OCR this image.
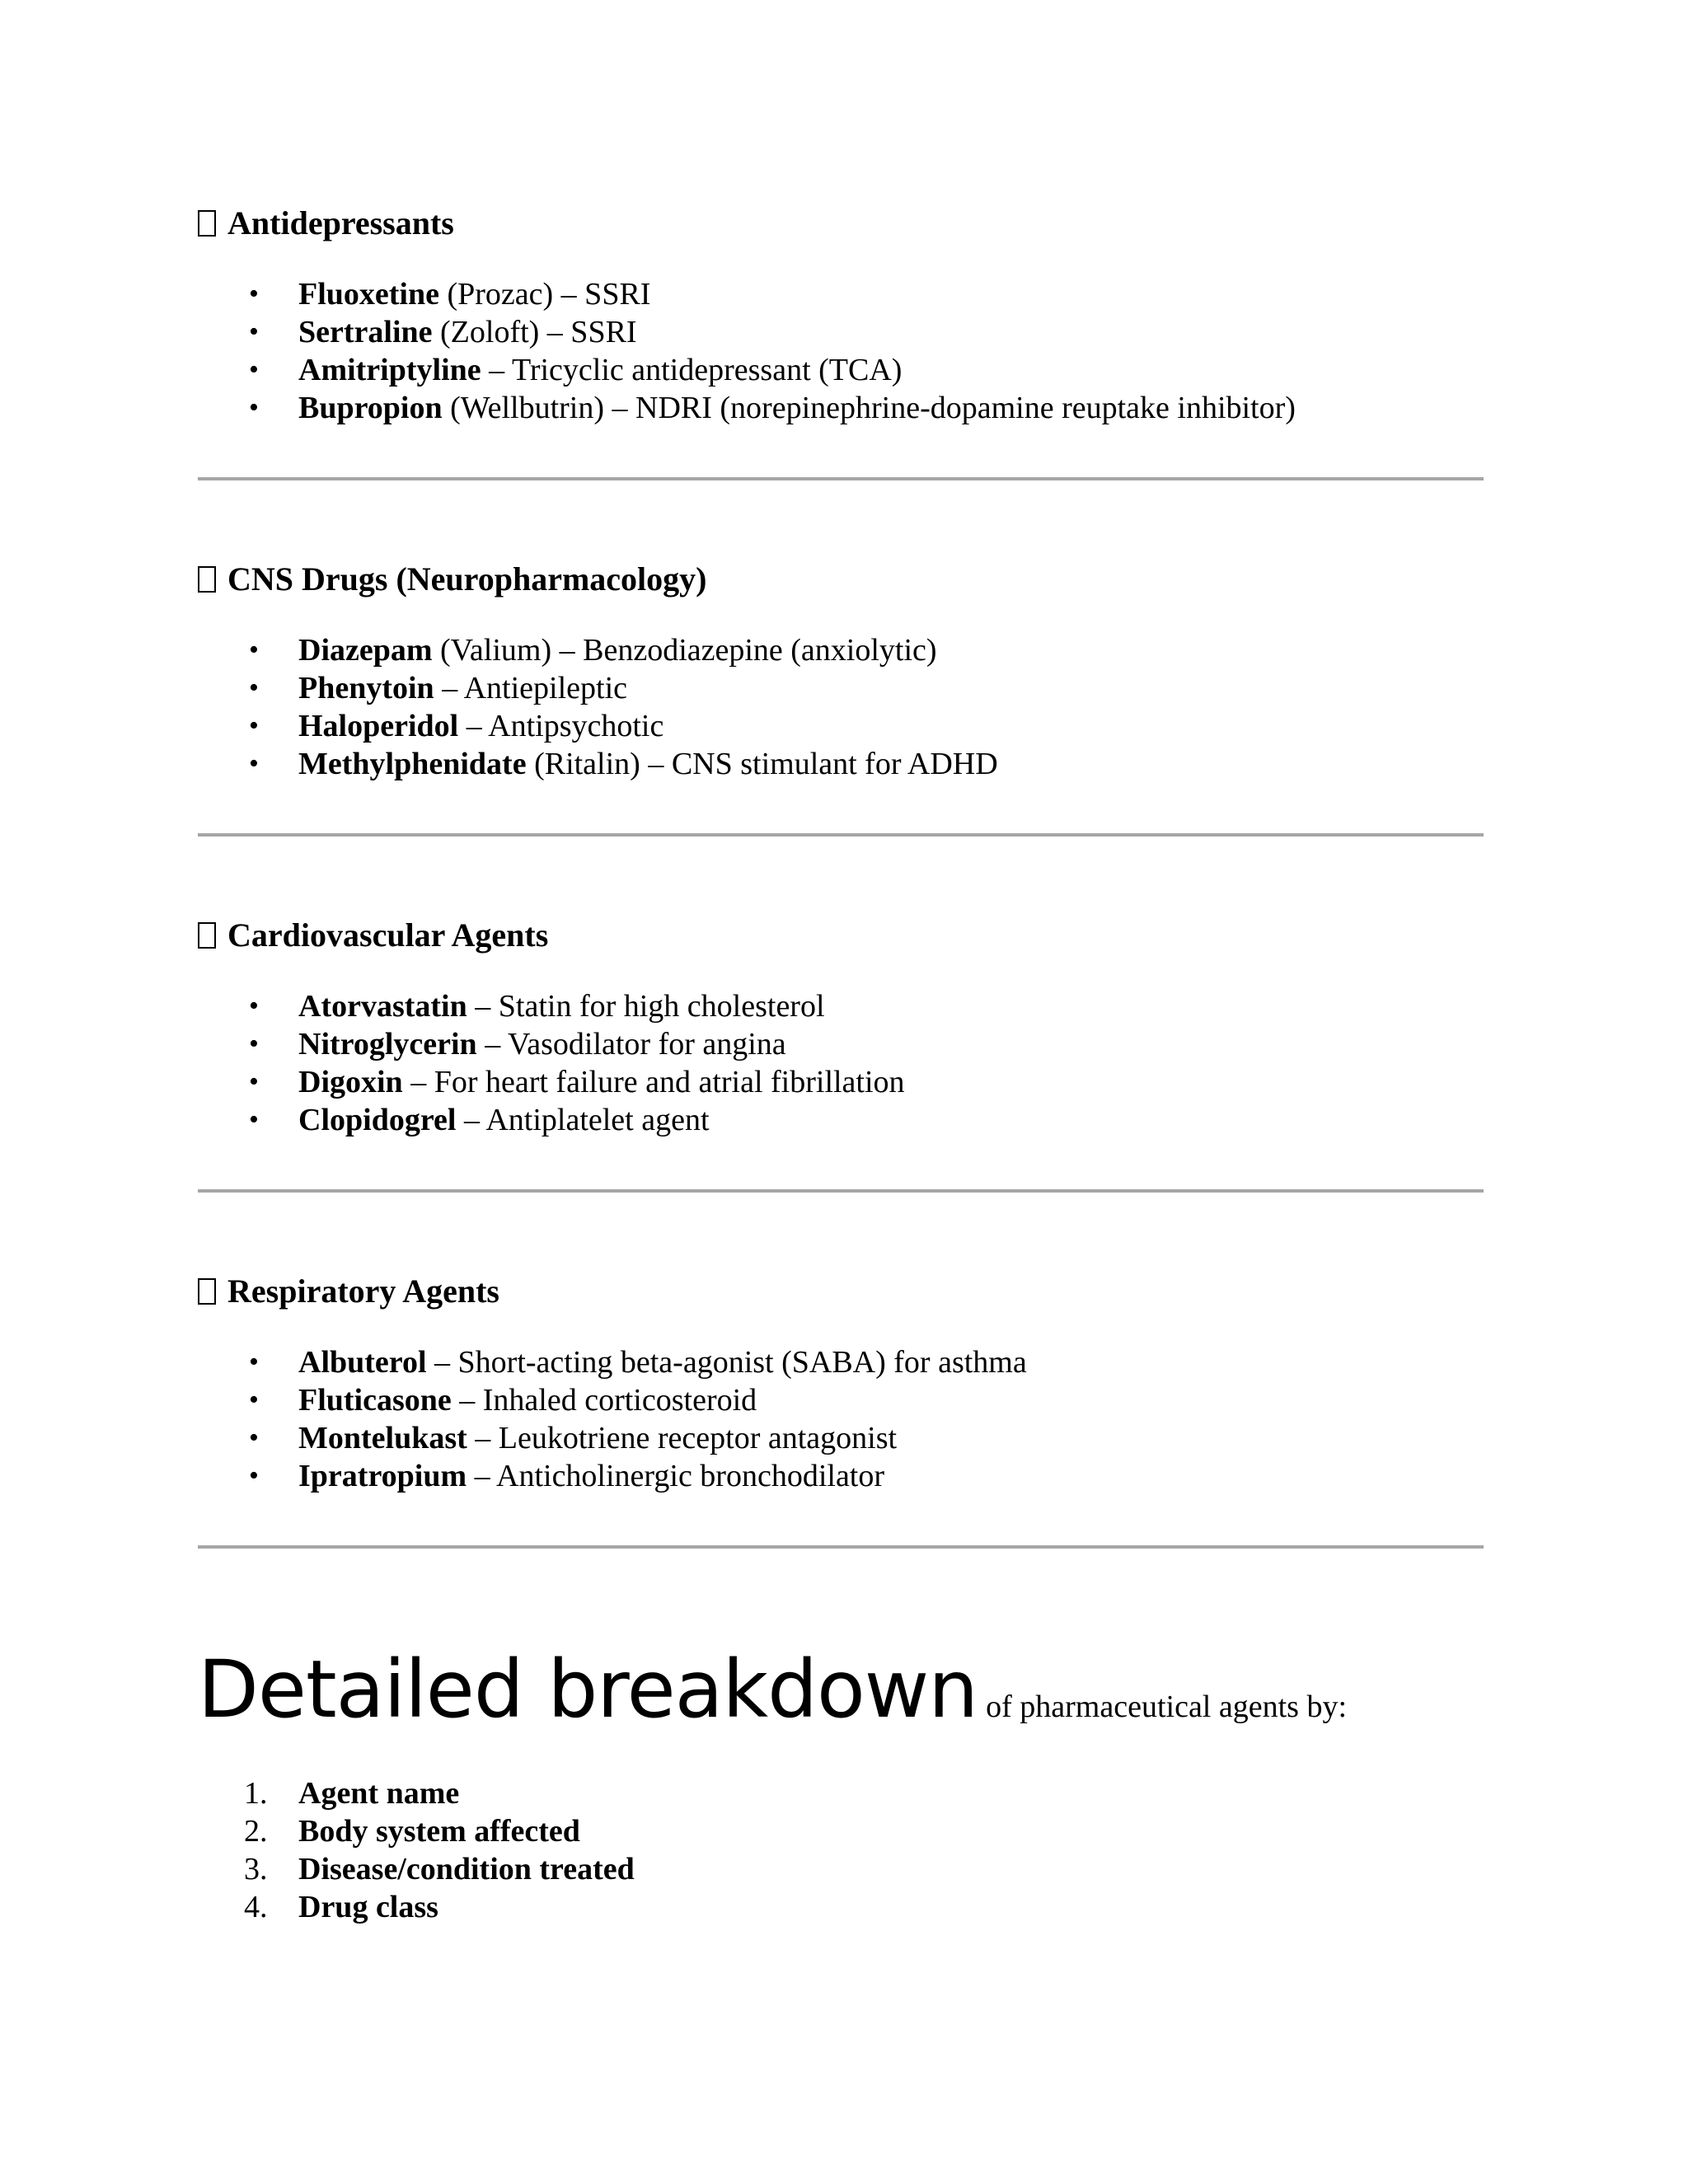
Antidepressants
• Fluoxetine (Prozac) – SSRI
• Sertraline (Zoloft) – SSRI
• Amitriptyline – Tricyclic antidepressant (TCA)
• Bupropion (Wellbutrin) – NDRI (norepinephrine-dopamine reuptake inhibitor)
CNS Drugs (Neuropharmacology)
• Diazepam (Valium) – Benzodiazepine (anxiolytic)
• Phenytoin – Antiepileptic
• Haloperidol – Antipsychotic
• Methylphenidate (Ritalin) – CNS stimulant for ADHD
Cardiovascular Agents
• Atorvastatin – Statin for high cholesterol
• Nitroglycerin – Vasodilator for angina
• Digoxin – For heart failure and atrial fibrillation
• Clopidogrel – Antiplatelet agent
Respiratory Agents
• Albuterol – Short-acting beta-agonist (SABA) for asthma
• Fluticasone – Inhaled corticosteroid
• Montelukast – Leukotriene receptor antagonist
• Ipratropium – Anticholinergic bronchodilator
Detailed breakdown of pharmaceutical agents by:
1. Agent name
2. Body system affected
3. Disease/condition treated
4. Drug class
